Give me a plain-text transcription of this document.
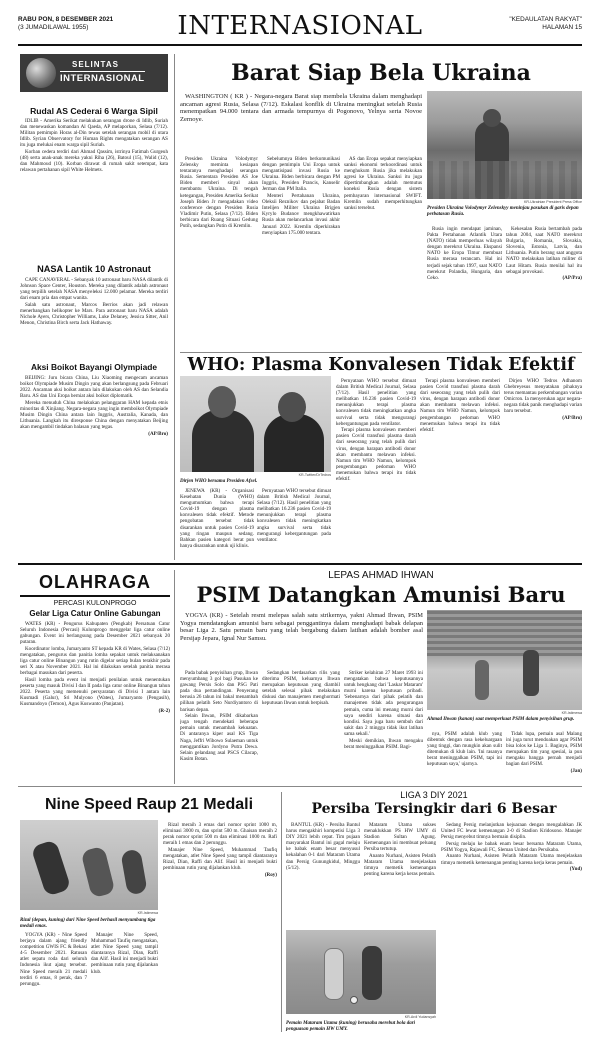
RABU PON, 8 DESEMBER 2021
(3 JUMADILAWAL 1955)	INTERNASIONAL	"KEDAULATAN RAKYAT"
HALAMAN 15
SELINTAS
INTERNASIONAL
Rudal AS Cederai 6 Warga Sipil

IDLIB - Amerika Serikat melakukan serangan drone di Idlib, Suriah dan menewaskan komandan Al Qaeda, AP melaporkan, Selasa (7/12). Militan pemimpin Horas al-Din tewas setelah serangan mobil di utara Idlib. Syrian Observatory for Human Rights mengatakan serangan AS itu juga melukai enam warga sipil Suriah.

Korban cedera terdiri dari Ahmad Qassim, istrinya Fatimah Gurgeuh (48) serta anak-anak mereka yakni Riha (26), Batoul (15), Walid (12), dan Mahmoud (10). Korban dirawat di rumah sakit setempat, kata relawan pertahanan sipil White Helmets.

NASA Lantik 10 Astronaut

CAPE CANAVERAL - Sebanyak 10 astronaut baru NASA dilantik di Johnson Space Center, Houston. Mereka yang dilantik adalah astronaut yang terpilih setelah NASA menyeleksi 12.000 pelamar. Mereka terdiri dari enam pria dan empat wanita.

Salah satu astronaut, Marcos Berrios akan jadi relawan menerbangkan helikopter ke Mars. Para astronaut baru NASA adalah Nichole Ayers, Christopher Williams, Luke Delaney, Jessica Sitter, Anil Menon, Christina Birch serta Jack Hathaway.

Aksi Boikot Bayangi Olympiade

BEIJING: Juru bicara China, Liu Xiaoming mengecam ancaman boikot Olympiade Musim Dingin yang akan berlangsung pada Februari 2022. Ancaman aksi boikot antara lain dilakukan oleh AS dan Selandia Baru. AS dan Uni Eropa berniat aksi boikot diplomatik.

Mereka menuduh China melakukan pelanggaran HAM kepada etnis minoritas di Xinjiang. Negara-negara yang ingin memboikot Olympiade Musim Dingin China antara lain Inggris, Australia, Kanada, dan Lithuania. Langkah itu diresponse China dengan menyatakan Beijing akan mengambil tindakan balasan yang tegas.

(AP/Bro)
Barat Siap Bela Ukraina

WASHINGTON ( KR ) - Negara-negara Barat siap membela Ukraina dalam menghadapi ancaman agresi Rusia, Selasa (7/12). Eskalasi konflik di Ukraina meningkat setelah Rusia menempatkan 94.000 tentara dan armada tempurnya di Pogonovo, Yelnya serta Novoe Zernoye.

Presiden Ukraina Volodymyr Zelensky meminta kesiapan tentaranya menghadapi serangan Rusia. Sementara Presiden AS Joe Biden memberi sinyal akan membantu Ukraina. Di tengah ketegangan, Presiden Amerika Serikat Joseph Biden Jr mengadakan video conference dengan Presiden Rusia Vladimir Putin, Selasa (7/12). Biden berbicara dari Ruang Situasi Gedung Putih, sedangkan Putin di Kremlin.

Sebelumnya Biden berkomunikasi dengan pemimpin Uni Eropa untuk mengantisipasi invasi Rusia ke Ukraina. Biden berbicara dengan PM Inggris, Presiden Prancis, Kanselir Jerman dan PM Italia.

Menteri Pertahanan Ukraina, Oleksii Reznikov dan pejabat Badan Intelijen Militer Ukraina Brigjen Kyrylo Budanov mengkhawatirkan Rusia akan melancarkan invasi akhir Januari 2022. Kremlin diperkirakan menyiapkan 175.000 tentara.

AS dan Eropa sepakat menyiapkan sanksi ekonomi terkoordinasi untuk menghukum Rusia jika melakukan agresi ke Ukraina. Sanksi itu juga dipertimbangkan adalah memutus koneksi Rusia dengan sistem pembayaran internasional SWIFT. Kremlin sudah memperhitungkan sanksi tersebut.

KR-Ukrainian President Press Office
Presiden Ukraina Volodymyr Zelenskyy meninjau pasukan di garis depan perbatasan Rusia.

Rusia ingin mendapat jaminan, Pakta Pertahanan Atlantik Utara (NATO) tidak memperluas wilayah dengan merekrut Ukraina. Ekspansi NATO ke Eropa Timur membuat Rusia merasa terancam. Hal ini terjadi sejak tahun 1997, saat NATO merekrut Polandia, Hungaria, dan Ceko.

Kekesalan Rusia bertambah pada tahun 2004, saat NATO merekrut Bulgaria, Romania, Slovakia, Slovenia, Estonia, Latvia, dan Lithuania. Putin berang saat anggota NATO melakukan latihan militer di Laut Hitam. Rusia menilai hal itu sebagai provokasi.

(AP/Pra)
WHO: Plasma Konvalesen Tidak Efektif
KR-Twitter/DrTedros
Dirjen WHO bersama Presiden Afsel.

JENEWA (KR) - Organisasi Kesehatan Dunia (WHO) mengumumkan bahwa terapi Covid-19 dengan plasma konvalesen tidak efektif. Metode pengobatan tersebut tidak disarankan untuk pasien Covid-19 yang ringan maupun sedang. Bahkan pasien kategori berat pun hanya disarankan untuk uji klinis.

Pernyataan WHO tersebut dimuat dalam British Medical Journal, Selasa (7/12). Hasil penelitian yang melibatkan 16.236 pasien Covid-19 menunjukkan terapi plasma konvalesen tidak meningkatkan angka survival serta tidak mengurangi kebergantungan pada ventilator.

Pernyataan WHO tersebut dimuat dalam British Medical Journal, Selasa (7/12). Hasil penelitian yang melibatkan 16.236 pasien Covid-19 menunjukkan terapi plasma konvalesen tidak meningkatkan angka survival serta tidak mengurangi kebergantungan pada ventilator.

Terapi plasma konvalesen memberi pasien Covid transfusi plasma darah dari seseorang yang telah pulih dari virus, dengan harapan antibodi donor akan membantu melawan infeksi. Namun tim WHO Namun, kelompok pengembangan pedoman WHO menemukan bahwa terapi itu tidak efektif.

Terapi plasma konvalesen memberi pasien Covid transfusi plasma darah dari seseorang yang telah pulih dari virus, dengan harapan antibodi donor akan membantu melawan infeksi. Namun tim WHO Namun, kelompok pengembangan pedoman WHO menemukan bahwa terapi itu tidak efektif.

Dirjen WHO Tedros Adhanom Ghebreyesus menyatakan pihaknya terus memantau perkembangan varian Omicron. Ia menyerukan agar negara-negara tidak panik menghadapi varian baru tersebut.

(AP/Bro)
OLAHRAGA
PERCASI KULONPROGO
Gelar Liga Catur Online Gabungan

WATES (KR) - Pengurus Kabupaten (Pengkab) Persatuan Catur Seluruh Indonesia (Percasi) Kulonprogo menggelar liga catur online gabungan. Event ini berlangsung pada Desember 2021 sebanyak 20 putaran.

Koordinator lomba, Jumaryanto ST kepada KR di Wates, Selasa (7/12) mengatakan, pengurus dan panitia lomba sepakat untuk melaksanakan liga catur online Binangun yang rutin digelar setiap bulan terakhir pada seri X atau November 2021. Hal ini dilakukan setelah panitia merasa berbagai masukan dari peserta.

Hasil lomba pada event ini menjadi penilaian untuk menentukan peserta yang masuk Divisi I dan II pada liga catur online Binangun tahun 2022. Peserta yang memenuhi persyaratan di Divisi I antara lain Kusmadi (Galur), Sri Mulyono (Wates), Jumaryanto (Pengasih), Kusmandoyo (Temon), Agus Kuswanto (Panjatan).

(R-2)
LEPAS AHMAD IHWAN
PSIM Datangkan Amunisi Baru

YOGYA (KR) - Setelah resmi melepas salah satu strikernya, yakni Ahmad Ihwan, PSIM Yogya mendatangkan amunisi baru sebagai penggantinya dalam menghadapi babak delapan besar Liga 2. Satu pemain baru yang telah bergabung dalam latihan adalah bomber asal Persijap Jepara, Ignal Nur Samsu.

Pada babak penyisihan grup, Ihwan menyumbang 3 gol bagi Pasukan ke gawang Persis Solo dan PSG Pati pada dua pertandingan. Penyerang berusia 26 tahun ini bakal menambah pilihan pelatih Seto Nurdiyantoro di barisan depan.

Selain Ihwan, PSIM dikabarkan juga tengah mendekati beberapa pemain untuk menambah kekuatan. Di antaranya kiper asal KS Tiga Naga, Jeffri Wibowo Sulaeman untuk menggantikan Jordyno Putra Dewa. Selain gelandang asal PSCS Cilacap, Kasim Botan.

Sedangkan berdasarkan rilis yang diterima PSIM, keluarnya Ihwan merupakan keputusan yang diambil setelah selesai pihak melakukan diskusi dan manajemen menghormati keputusan Ihwan untuk berpisah.

Striker kelahiran 27 Maret 1993 ini mengatakan bahwa keputusannya untuk hengkang dari 'Laskar Mataram' murni karena keputusan pribadi. 'Sebenarnya dari pihak pelatih dan manajemen tidak ada pengurangan pemain, cuma ini menang murni dari saya sendiri karena situasi dan kondisi. Saya juga baru sembuh dari sakit dan 2 minggu tidak ikut latihan sama sekali.'

Meski demikian, Ihwan mengaku berat meninggalkan PSIM. Bagi-

KR-Istimewa
Ahmad Ihwan (kanan) saat memperkuat PSIM dalam penyisihan grup.

nya, PSIM adalah klub yang dibentuk dengan rasa kekeluargaan yang tinggi, dan mungkin akan sulit ditemukan di klub lain. 'Ini rasanya berat meninggalkan PSIM, tapi ini keputusan saya,' ujarnya.

Tidak lupa, pemain asal Malang ini juga turut mendoakan agar PSIM bisa lolos ke Liga 1. Baginya, PSIM merupakan tim yang spesial, ia pun mengaku bangga pernah menjadi bagian dari PSIM.

(Jan)
Nine Speed Raup 21 Medali
KR-Istimewa
Rizal (depan, kuning) dari Nine Speed berhasil menyumbang tiga medali emas.

YOGYA (KR) - Nine Speed berjaya dalam ajang friendly competition GWIS FC & Bekasi 4-5 Desember 2021. Ratusan atlet sepatu roda dari seluruh Indonesia ikut ajang tersebut. Nine Speed meraih 21 medali terdiri 6 emas, 8 perak, dan 7 perunggu.

Manajer Nine Speed, Muhammad Taufiq mengatakan, atlet Nine Speed yang tampil diantaranya Rizal, Dian, Raffi dan Alif. Hasil ini menjadi bukti pembinaan rutin yang dijalankan klub.

Rizal meraih 3 emas dari nomor sprint 1000 m, eliminasi 3000 m, dan sprint 500 m. Ghaisan meraih 2 perak nomor sprint 500 m dan eliminasi 1000 m. Rafi meraih 1 emas dan 2 perunggu.

Manajer Nine Speed, Muhammad Taufiq mengatakan, atlet Nine Speed yang tampil diantaranya Rizal, Dian, Raffi dan Alif. Hasil ini menjadi bukti pembinaan rutin yang dijalankan klub.

(Roy)
LIGA 3 DIY 2021
Persiba Tersingkir dari 6 Besar

BANTUL (KR) - Persiba Bantul harus mengakhiri kompetisi Liga 3 DIY 2021 lebih cepat. Tim pujaan masyarakat Bantul ini gagal melaju ke babak enam besar menyusul kekalahan 0-1 dari Mataram Utama dan Persig Gunungkidul, Minggu (5/12).

Mataram Utama sukses menaklukkan PS HW UMY di Stadion Sultan Agung. Kemenangan ini membuat peluang Persiba tertutup.

Ananto Nurhani, Asisten Pelatih Mataram Utama menjelaskan timnya memetik kemenangan penting karena kerja keras pemain.

KR-Ardi Yudansyah
Pemain Mataram Utama (kuning) berusaha merebut bola dari penguasan pemain HW UMY.

Sedang Persig melanjutkan kejuaraan dengan mengalahkan JK United FC lewat kemenangan 2-0 di Stadion Kridosono. Manajer Persig menyebut timnya bermain disiplin.

Persig melaju ke babak enam besar bersama Mataram Utama, PSIM Yogya, Rajawali FC, Sleman United dan Persikaba.

Ananto Nurhani, Asisten Pelatih Mataram Utama menjelaskan timnya memetik kemenangan penting karena kerja keras pemain.

(Yud)
